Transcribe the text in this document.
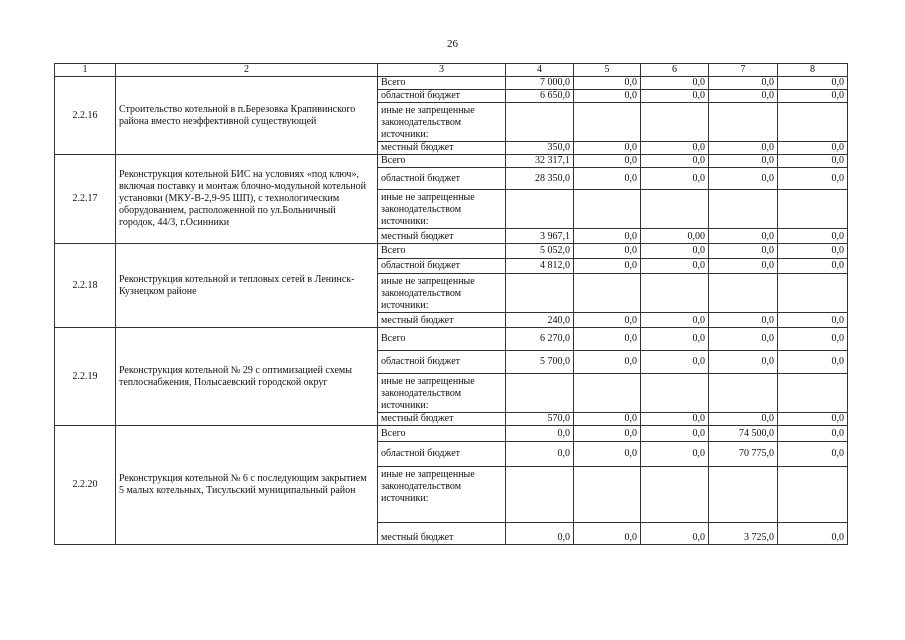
26
1	2	3	4	5	6	7	8
2.2.16	Строительство котельной в п.Березовка Крапивинского района вместо неэффективной существующей	Всего	7 000,0	0,0	0,0	0,0	0,0
		областной бюджет	6 650,0	0,0	0,0	0,0	0,0
		иные не запрещенные законодательством источники:					
		местный бюджет	350,0	0,0	0,0	0,0	0,0
2.2.17	Реконструкция котельной БИС на условиях «под ключ», включая поставку и монтаж блочно-модульной котельной установки (МКУ-В-2,9-95 ШП), с технологическим оборудованием, расположенной по ул.Больничный городок, 44/3, г.Осинники	Всего	32 317,1	0,0	0,0	0,0	0,0
		областной бюджет	28 350,0	0,0	0,0	0,0	0,0
		иные не запрещенные законодательством источники:					
		местный бюджет	3 967,1	0,0	0,00	0,0	0,0
2.2.18	Реконструкция котельной и тепловых сетей в Ленинск-Кузнецком районе	Всего	5 052,0	0,0	0,0	0,0	0,0
		областной бюджет	4 812,0	0,0	0,0	0,0	0,0
		иные не запрещенные законодательством источники:					
		местный бюджет	240,0	0,0	0,0	0,0	0,0
2.2.19	Реконструкция котельной № 29 с оптимизацией схемы теплоснабжения, Полысаевский городской округ	Всего	6 270,0	0,0	0,0	0,0	0,0
		областной бюджет	5 700,0	0,0	0,0	0,0	0,0
		иные не запрещенные законодательством источники:					
		местный бюджет	570,0	0,0	0,0	0,0	0,0
2.2.20	Реконструкция котельной № 6 с последующим закрытием 5 малых котельных, Тисульский муниципальный район	Всего	0,0	0,0	0,0	74 500,0	0,0
		областной бюджет	0,0	0,0	0,0	70 775,0	0,0
		иные не запрещенные законодательством источники:					
		местный бюджет	0,0	0,0	0,0	3 725,0	0,0
